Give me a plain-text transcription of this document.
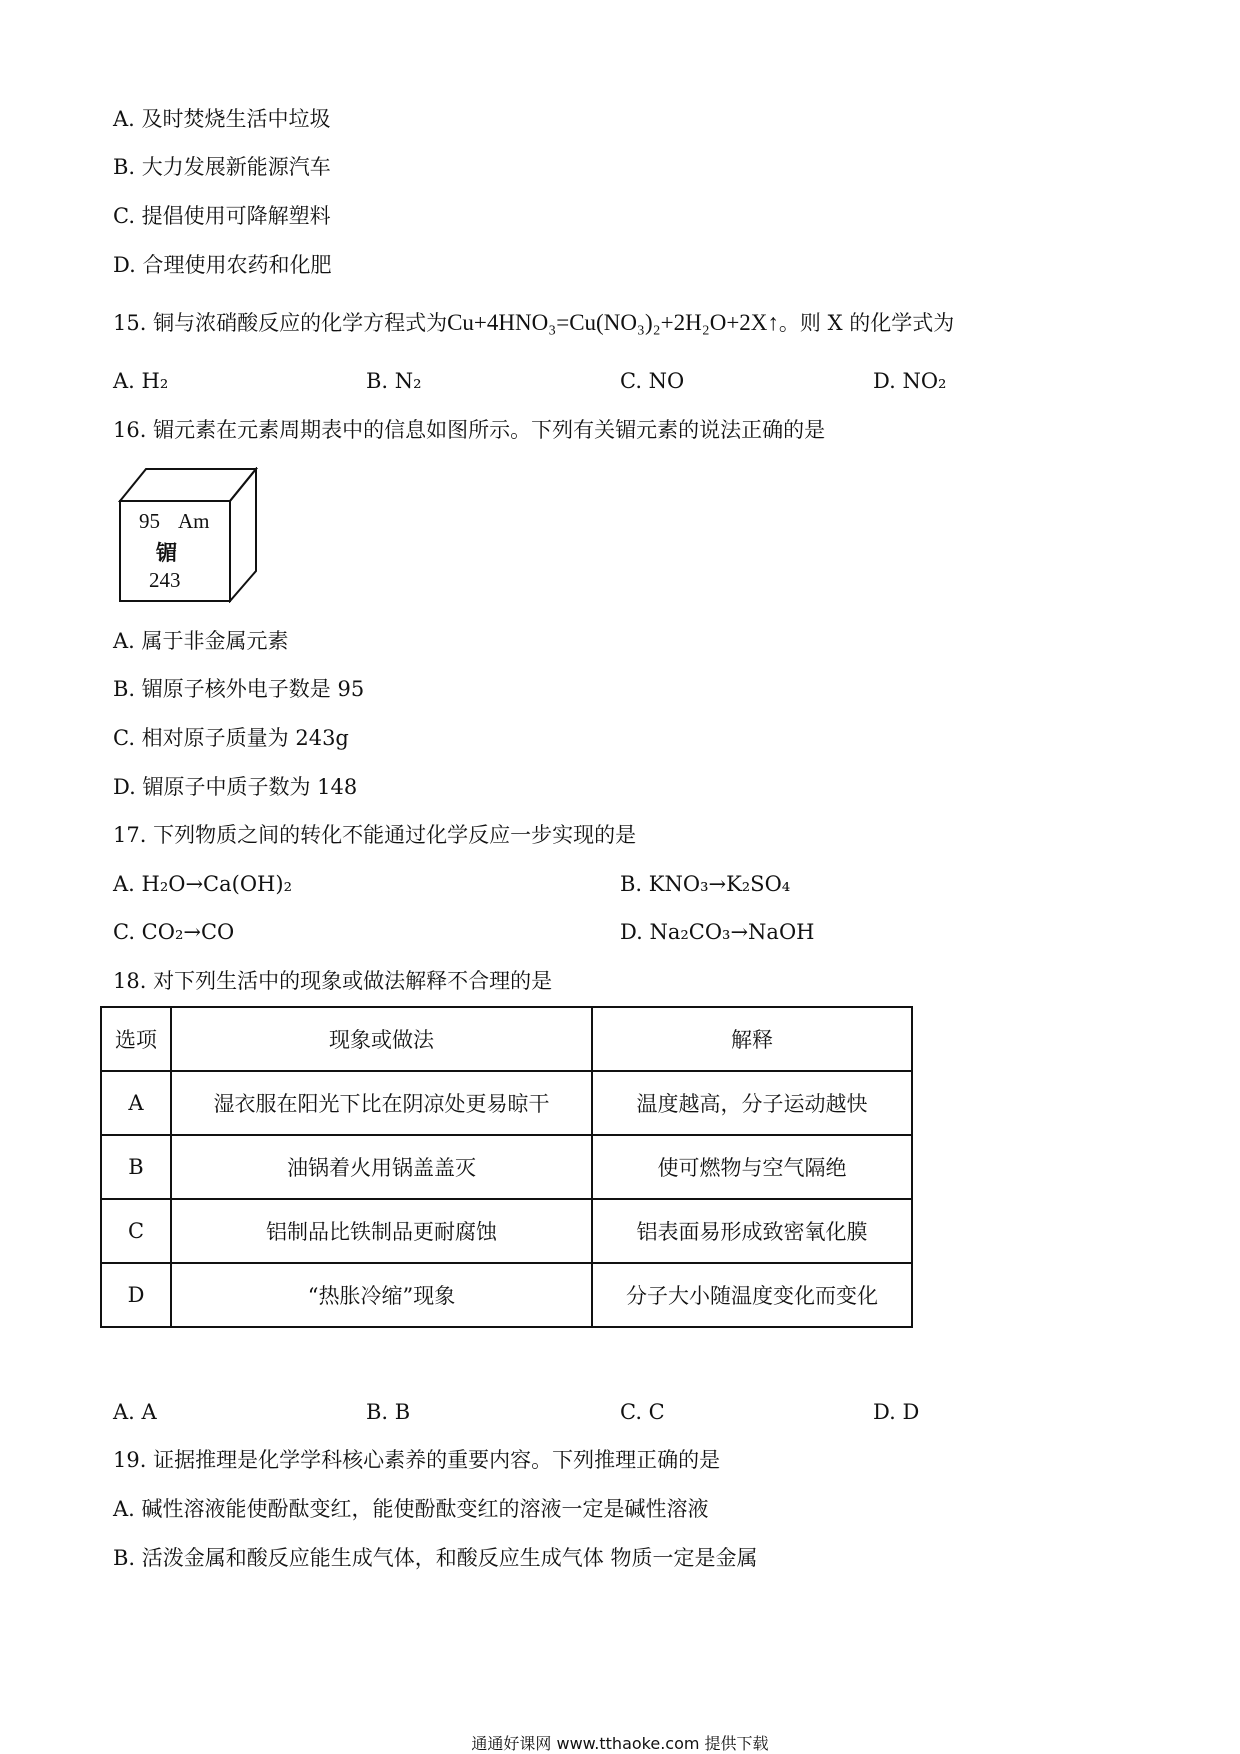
A. 及时焚烧生活中垃圾
B. 大力发展新能源汽车
C. 提倡使用可降解塑料
D. 合理使用农药和化肥
15. 铜与浓硝酸反应的化学方程式为Cu+4HNO₃=Cu(NO₃)₂+2H₂O+2X↑。则 X 的化学式为
A. H₂	B. N₂	C. NO	D. NO₂
16. 镅元素在元素周期表中的信息如图所示。下列有关镅元素的说法正确的是
95 Am
镅
243
A. 属于非金属元素
B. 镅原子核外电子数是 95
C. 相对原子质量为 243g
D. 镅原子中质子数为 148
17. 下列物质之间的转化不能通过化学反应一步实现的是
A. H₂O→Ca(OH)₂	B. KNO₃→K₂SO₄
C. CO₂→CO	D. Na₂CO₃→NaOH
18. 对下列生活中的现象或做法解释不合理的是
选项	现象或做法	解释
A	湿衣服在阳光下比在阴凉处更易晾干	温度越高，分子运动越快
B	油锅着火用锅盖盖灭	使可燃物与空气隔绝
C	铝制品比铁制品更耐腐蚀	铝表面易形成致密氧化膜
D	“热胀冷缩”现象	分子大小随温度变化而变化
A. A	B. B	C. C	D. D
19. 证据推理是化学学科核心素养的重要内容。下列推理正确的是
A. 碱性溶液能使酚酞变红，能使酚酞变红的溶液一定是碱性溶液
B. 活泼金属和酸反应能生成气体，和酸反应生成气体 物质一定是金属
通通好课网 www.tthaoke.com 提供下载
